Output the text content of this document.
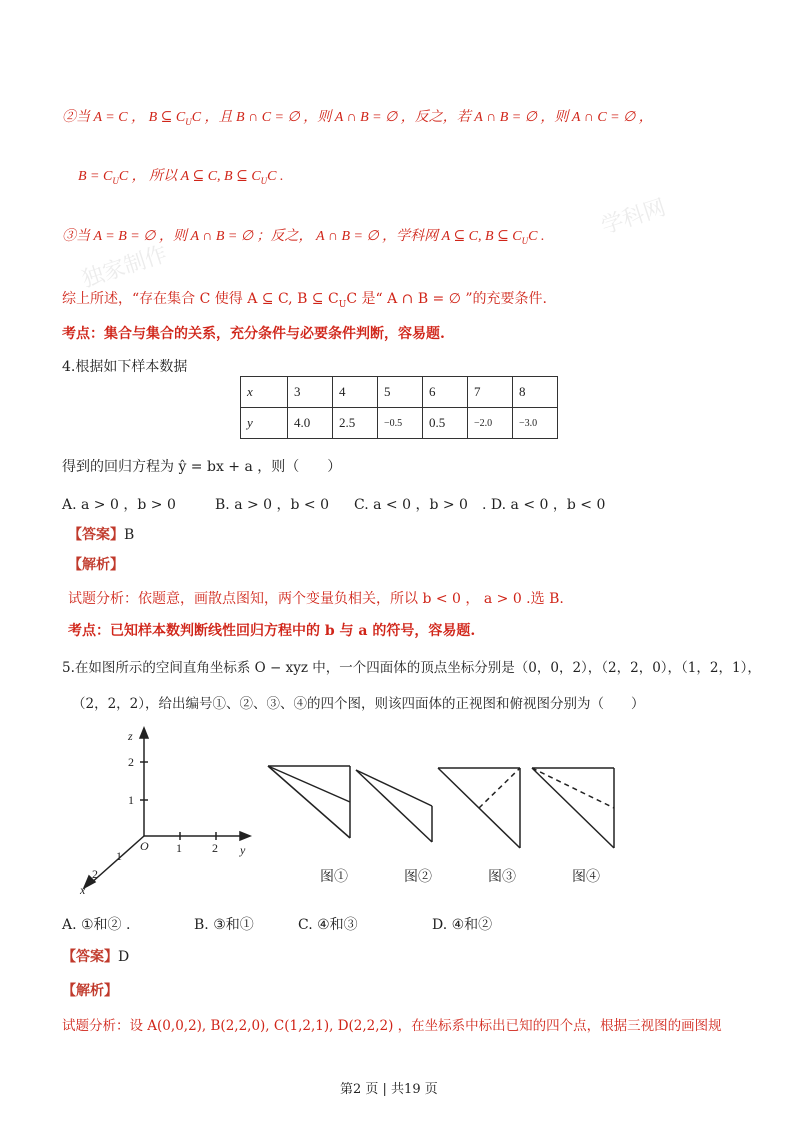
学科网
独家制作
②当 A = C ， B ⊆ $C_UC$ ，且 B ∩ C = ∅ ，则 A ∩ B = ∅ ，反之，若 A ∩ B = ∅ ，则 A ∩ C = ∅ ，
$B = C_UC$ ， 所以 A ⊆ C, B ⊆ $C_UC$ .
③当 A = B = ∅ ，则 A ∩ B = ∅ ；反之， A ∩ B = ∅ ，学科网 A ⊆ C, B ⊆ $C_UC$ .
综上所述，“存在集合 C 使得 A ⊆ C, B ⊆ $C_UC$ 是“ A ∩ B = ∅ ”的充要条件.
考点：集合与集合的关系，充分条件与必要条件判断，容易题.
4.根据如下样本数据
x	3	4	5	6	7	8
y	4.0	2.5	−0.5	0.5	−2.0	−3.0
得到的回归方程为 ŷ = bx + a ，则（　　）
A. a > 0 ，b > 0	B. a > 0 ，b < 0 C. a < 0 ，b > 0 . D. a < 0 ，b < 0
【答案】B
【解析】
试题分析：依题意，画散点图知，两个变量负相关，所以 b < 0 ， a > 0 .选 B.
考点：已知样本数判断线性回归方程中的 b 与 a 的符号，容易题.
5.在如图所示的空间直角坐标系 O − xyz 中，一个四面体的顶点坐标分别是（0，0，2），（2，2，0），（1，2，1），
（2，2，2），给出编号①、②、③、④的四个图，则该四面体的正视图和俯视图分别为（　　）
z
2
1
O 1	2 y
1
2
x
图①	图②	图③	图④
A. ①和② .	B. ③和①	C. ④和③	D. ④和②
【答案】D
【解析】
试题分析：设 A(0,0,2), B(2,2,0), C(1,2,1), D(2,2,2) ，在坐标系中标出已知的四个点，根据三视图的画图规
第2 页 | 共19 页
